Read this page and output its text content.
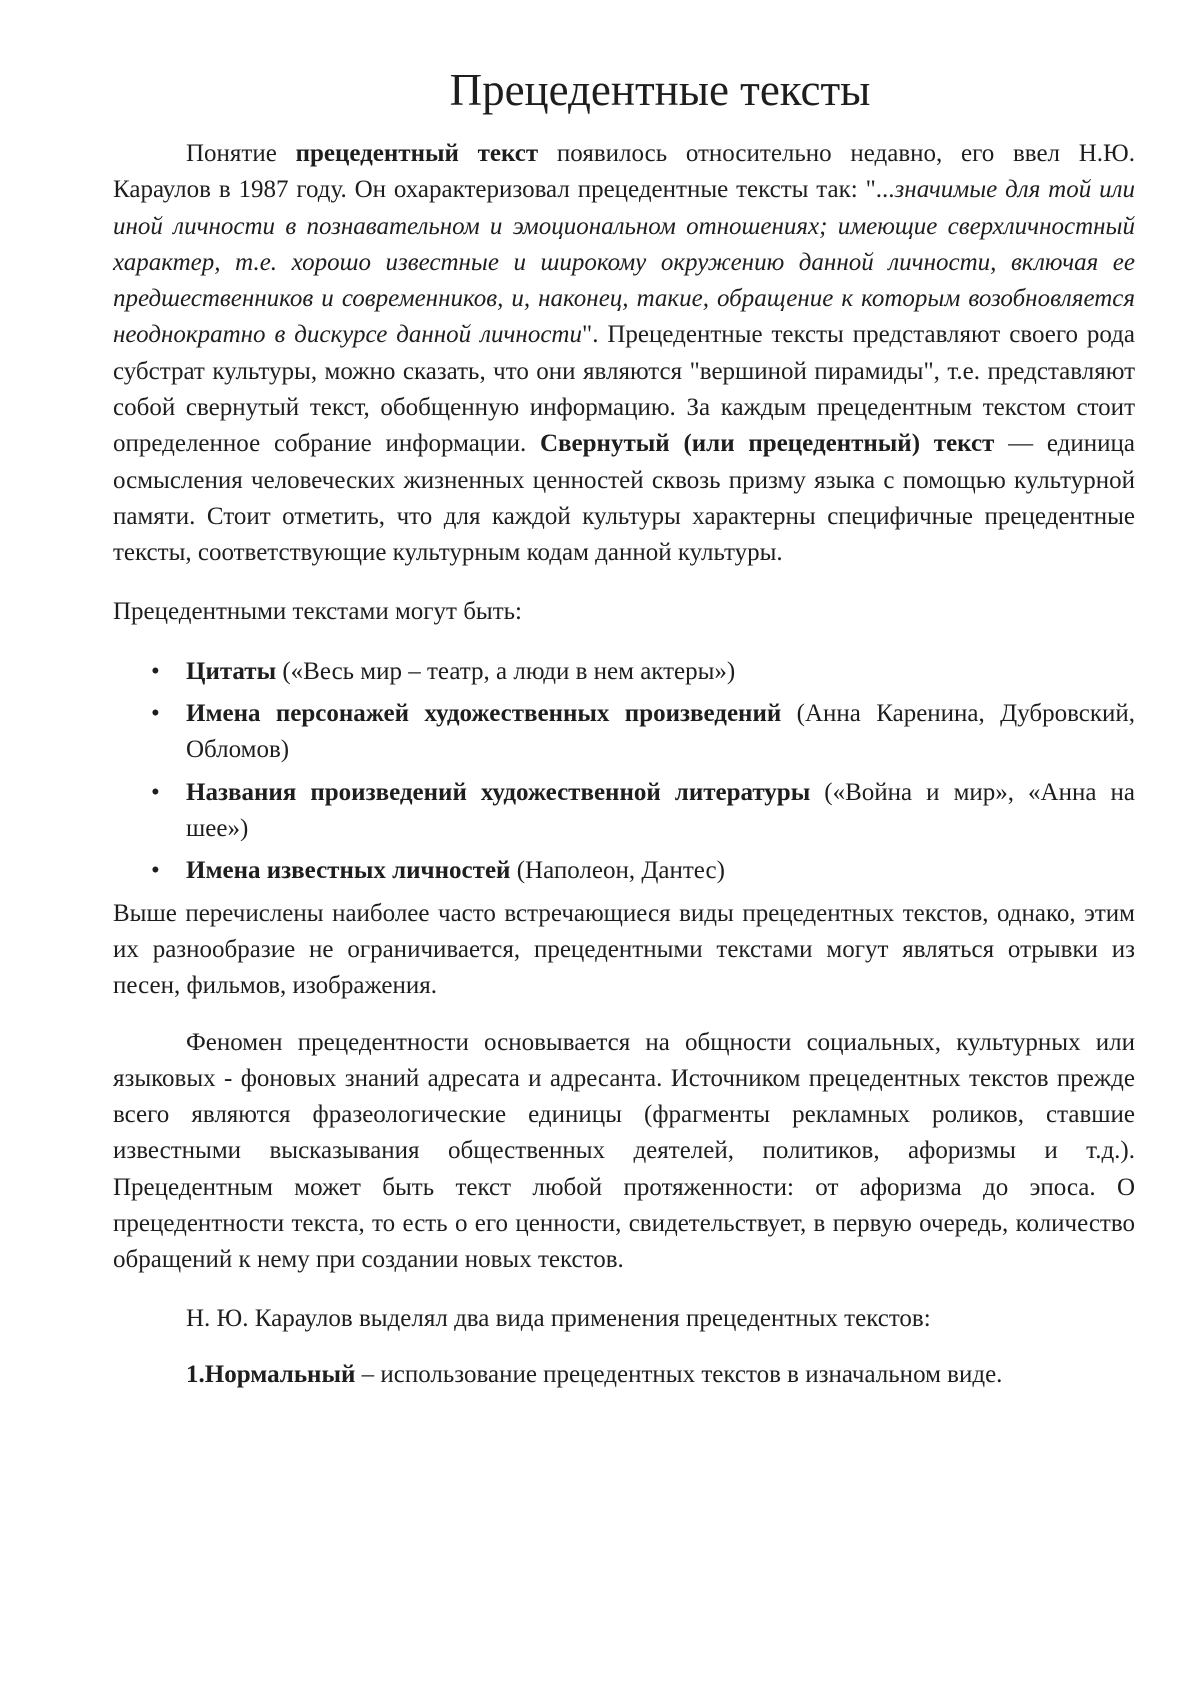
Прецедентные тексты

Понятие прецедентный текст появилось относительно недавно, его ввел Н.Ю. Караулов в 1987 году. Он охарактеризовал прецедентные тексты так: "...значимые для той или иной личности в познавательном и эмоциональном отношениях; имеющие сверхличностный характер, т.е. хорошо известные и широкому окружению данной личности, включая ее предшественников и современников, и, наконец, такие, обращение к которым возобновляется неоднократно в дискурсе данной личности". Прецедентные тексты представляют своего рода субстрат культуры, можно сказать, что они являются "вершиной пирамиды", т.е. представляют собой свернутый текст, обобщенную информацию. За каждым прецедентным текстом стоит определенное собрание информации. Свернутый (или прецедентный) текст — единица осмысления человеческих жизненных ценностей сквозь призму языка с помощью культурной памяти. Стоит отметить, что для каждой культуры характерны специфичные прецедентные тексты, соответствующие культурным кодам данной культуры.

Прецедентными текстами могут быть:

• Цитаты («Весь мир – театр, а люди в нем актеры»)
• Имена персонажей художественных произведений (Анна Каренина, Дубровский, Обломов)
• Названия произведений художественной литературы («Война и мир», «Анна на шее»)
• Имена известных личностей (Наполеон, Дантес)

Выше перечислены наиболее часто встречающиеся виды прецедентных текстов, однако, этим их разнообразие не ограничивается, прецедентными текстами могут являться отрывки из песен, фильмов, изображения.

Феномен прецедентности основывается на общности социальных, культурных или языковых - фоновых знаний адресата и адресанта. Источником прецедентных текстов прежде всего являются фразеологические единицы (фрагменты рекламных роликов, ставшие известными высказывания общественных деятелей, политиков, афоризмы и т.д.). Прецедентным может быть текст любой протяженности: от афоризма до эпоса. О прецедентности текста, то есть о его ценности, свидетельствует, в первую очередь, количество обращений к нему при создании новых текстов.

Н. Ю. Караулов выделял два вида применения прецедентных текстов:

1.Нормальный – использование прецедентных текстов в изначальном виде.
